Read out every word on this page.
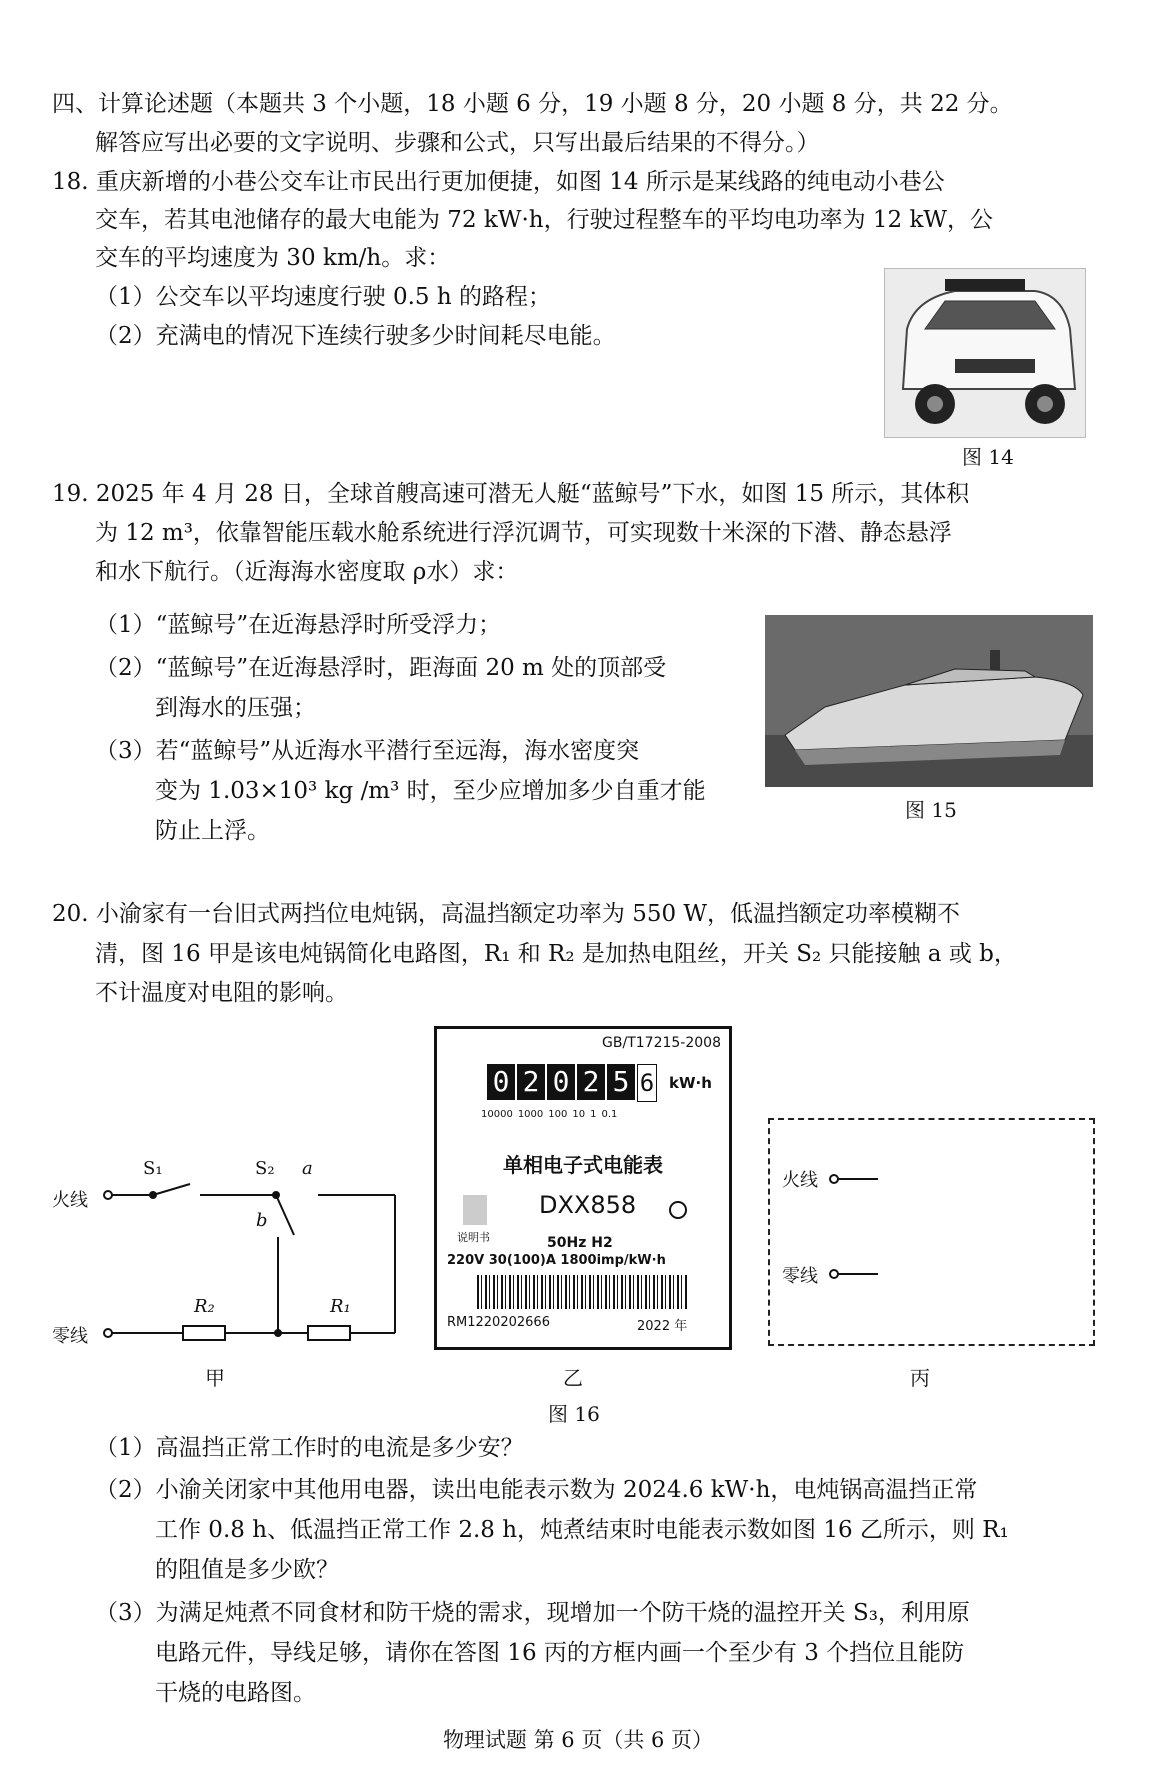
四、计算论述题（本题共 3 个小题，18 小题 6 分，19 小题 8 分，20 小题 8 分，共 22 分。
解答应写出必要的文字说明、步骤和公式，只写出最后结果的不得分。）
18. 重庆新增的小巷公交车让市民出行更加便捷，如图 14 所示是某线路的纯电动小巷公
交车，若其电池储存的最大电能为 72 kW·h，行驶过程整车的平均电功率为 12 kW，公
交车的平均速度为 30 km/h。求：
（1）公交车以平均速度行驶 0.5 h 的路程；
（2）充满电的情况下连续行驶多少时间耗尽电能。
图 14
19. 2025 年 4 月 28 日，全球首艘高速可潜无人艇“蓝鲸号”下水，如图 15 所示，其体积
为 12 m³，依靠智能压载水舱系统进行浮沉调节，可实现数十米深的下潜、静态悬浮
和水下航行。（近海海水密度取 ρ水）求：
（1）“蓝鲸号”在近海悬浮时所受浮力；
（2）“蓝鲸号”在近海悬浮时，距海面 20 m 处的顶部受
到海水的压强；
（3）若“蓝鲸号”从近海水平潜行至远海，海水密度突
变为 1.03×10³ kg /m³ 时，至少应增加多少自重才能
防止上浮。
图 15
20. 小渝家有一台旧式两挡位电炖锅，高温挡额定功率为 550 W，低温挡额定功率模糊不
清，图 16 甲是该电炖锅简化电路图，R₁ 和 R₂ 是加热电阻丝，开关 S₂ 只能接触 a 或 b，
不计温度对电阻的影响。
火线
零线
S₁	S₂ a
b
R₂	R₁
甲
GB/T17215-2008
0 2 0 2 5 6 kW·h
10000 1000 100 10 1 0.1
单相电子式电能表
说明书
DXX858
50Hz H2
220V 30(100)A 1800imp/kW·h
RM1220202666	2022 年
乙
火线
零线
丙
图 16
（1）高温挡正常工作时的电流是多少安？
（2）小渝关闭家中其他用电器，读出电能表示数为 2024.6 kW·h，电炖锅高温挡正常
工作 0.8 h、低温挡正常工作 2.8 h，炖煮结束时电能表示数如图 16 乙所示，则 R₁
的阻值是多少欧？
（3）为满足炖煮不同食材和防干烧的需求，现增加一个防干烧的温控开关 S₃，利用原
电路元件，导线足够，请你在答图 16 丙的方框内画一个至少有 3 个挡位且能防
干烧的电路图。
物理试题 第 6 页（共 6 页）
